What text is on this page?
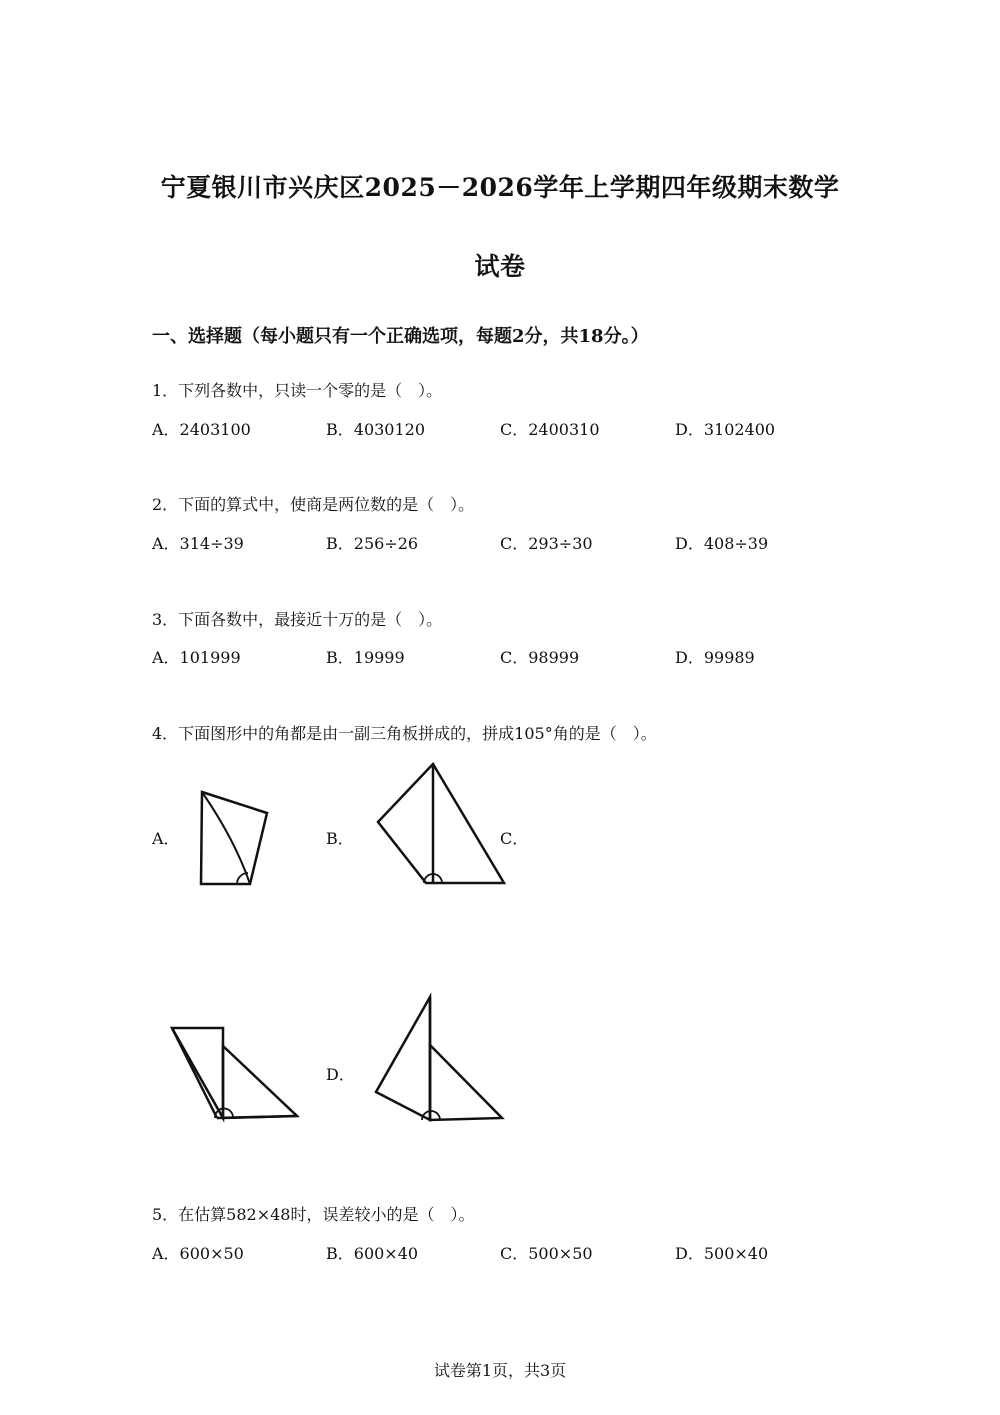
宁夏银川市兴庆区2025－2026学年上学期四年级期末数学
试卷
一、选择题（每小题只有一个正确选项，每题2分，共18分。）
1．下列各数中，只读一个零的是（　）。
A．2403100	B．4030120	C．2400310	D．3102400
2．下面的算式中，使商是两位数的是（　）。
A．314÷39	B．256÷26	C．293÷30	D．408÷39
3．下面各数中，最接近十万的是（　）。
A．101999	B．19999	C．98999	D．99989
4．下面图形中的角都是由一副三角板拼成的，拼成105°角的是（　）。
A．	B．	C．
D．
5．在估算582×48时，误差较小的是（　）。
A．600×50	B．600×40	C．500×50	D．500×40
试卷第1页，共3页
